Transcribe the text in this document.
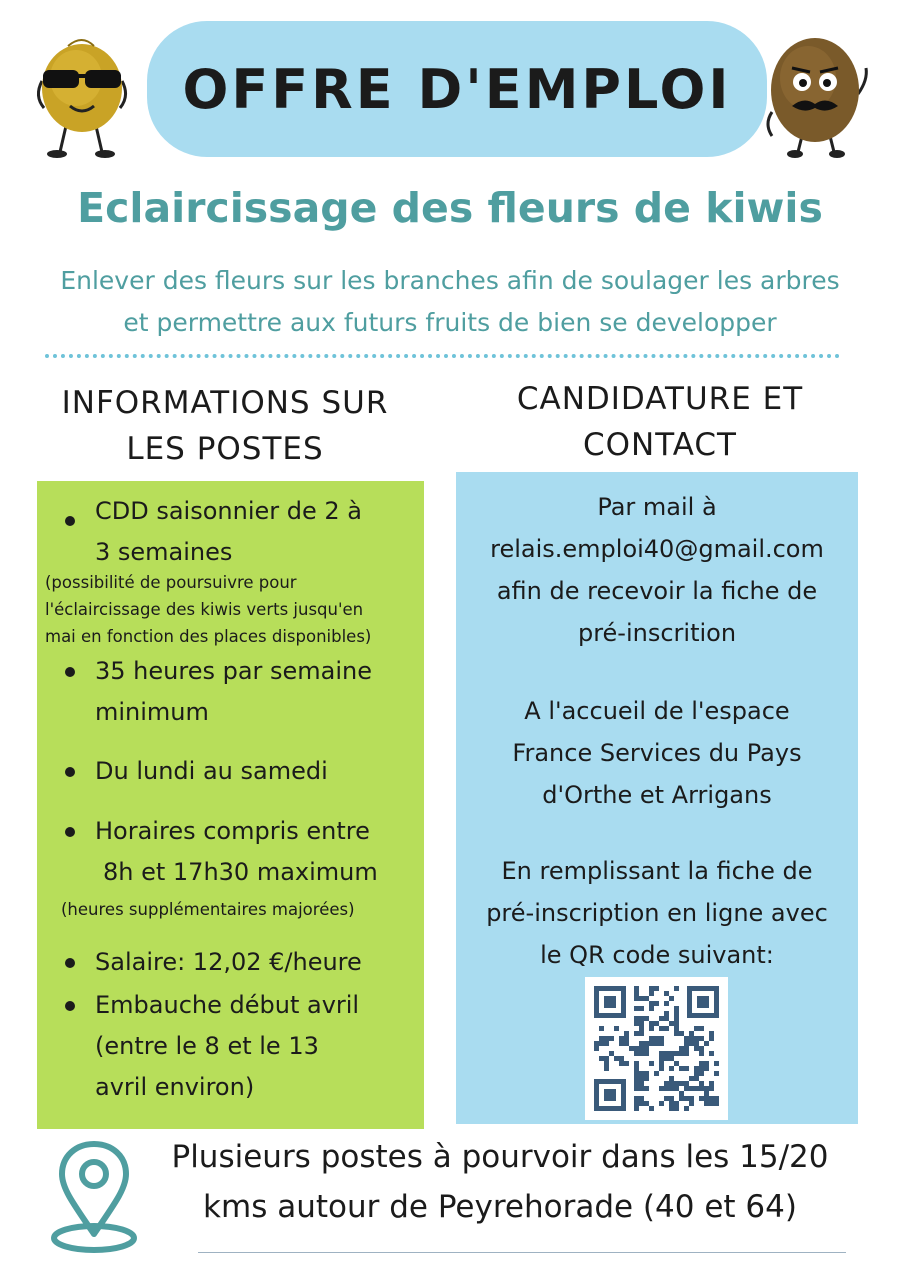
OFFRE D'EMPLOI
Eclaircissage des fleurs de kiwis
Enlever des fleurs sur les branches afin de soulager les arbres
et permettre aux futurs fruits de bien se developper
INFORMATIONS SUR
LES POSTES
CANDIDATURE ET
CONTACT
CDD saisonnier de 2 à
3 semaines
(possibilité de poursuivre pour
l'éclaircissage des kiwis verts jusqu'en
mai en fonction des places disponibles)
35 heures par semaine
minimum
Du lundi au samedi
Horaires compris entre
8h et 17h30 maximum
(heures supplémentaires majorées)
Salaire: 12,02 €/heure
Embauche début avril
(entre le 8 et le 13
avril environ)
Par mail à
relais.emploi40@gmail.com
afin de recevoir la fiche de
pré-inscrition
A l'accueil de l'espace
France Services du Pays
d'Orthe et Arrigans
En remplissant la fiche de
pré-inscription en ligne avec
le QR code suivant:
Plusieurs postes à pourvoir dans les 15/20
kms autour de Peyrehorade (40 et 64)
